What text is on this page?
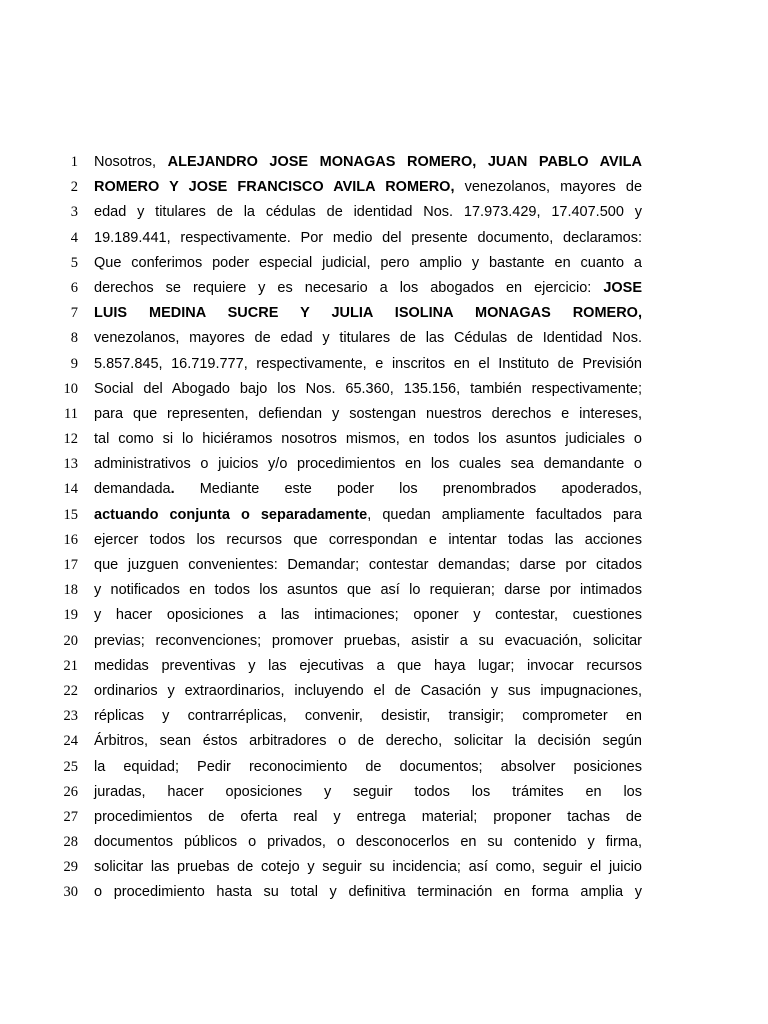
1	Nosotros, ALEJANDRO JOSE MONAGAS ROMERO, JUAN PABLO AVILA
2	ROMERO Y JOSE FRANCISCO AVILA ROMERO, venezolanos, mayores de
3	edad y titulares de la cédulas de identidad Nos. 17.973.429, 17.407.500 y
4	19.189.441, respectivamente. Por medio del presente documento, declaramos:
5	Que conferimos poder especial judicial, pero amplio y bastante en cuanto a
6	derechos se requiere y es necesario a los abogados en ejercicio: JOSE
7	LUIS MEDINA SUCRE Y JULIA ISOLINA MONAGAS ROMERO,
8	venezolanos, mayores de edad y titulares de las Cédulas de Identidad Nos.
9	5.857.845, 16.719.777, respectivamente, e inscritos en el Instituto de Previsión
10	Social del Abogado bajo los Nos. 65.360, 135.156, también respectivamente;
11	para que representen, defiendan y sostengan nuestros derechos e intereses,
12	tal como si lo hiciéramos nosotros mismos, en todos los asuntos judiciales o
13	administrativos o juicios y/o procedimientos en los cuales sea demandante o
14	demandada. Mediante este poder los prenombrados apoderados,
15	actuando conjunta o separadamente, quedan ampliamente facultados para
16	ejercer todos los recursos que correspondan e intentar todas las acciones
17	que juzguen convenientes: Demandar; contestar demandas; darse por citados
18	y notificados en todos los asuntos que así lo requieran; darse por intimados
19	y hacer oposiciones a las intimaciones; oponer y contestar, cuestiones
20	previas; reconvenciones; promover pruebas, asistir a su evacuación, solicitar
21	medidas preventivas y las ejecutivas a que haya lugar; invocar recursos
22	ordinarios y extraordinarios, incluyendo el de Casación y sus impugnaciones,
23	réplicas y contrarréplicas, convenir, desistir, transigir; comprometer en
24	Árbitros, sean éstos arbitradores o de derecho, solicitar la decisión según
25	la equidad; Pedir reconocimiento de documentos; absolver posiciones
26	juradas, hacer oposiciones y seguir todos los trámites en los
27	procedimientos de oferta real y entrega material; proponer tachas de
28	documentos públicos o privados, o desconocerlos en su contenido y firma,
29	solicitar las pruebas de cotejo y seguir su incidencia; así como, seguir el juicio
30	o procedimiento hasta su total y definitiva terminación en forma amplia y
